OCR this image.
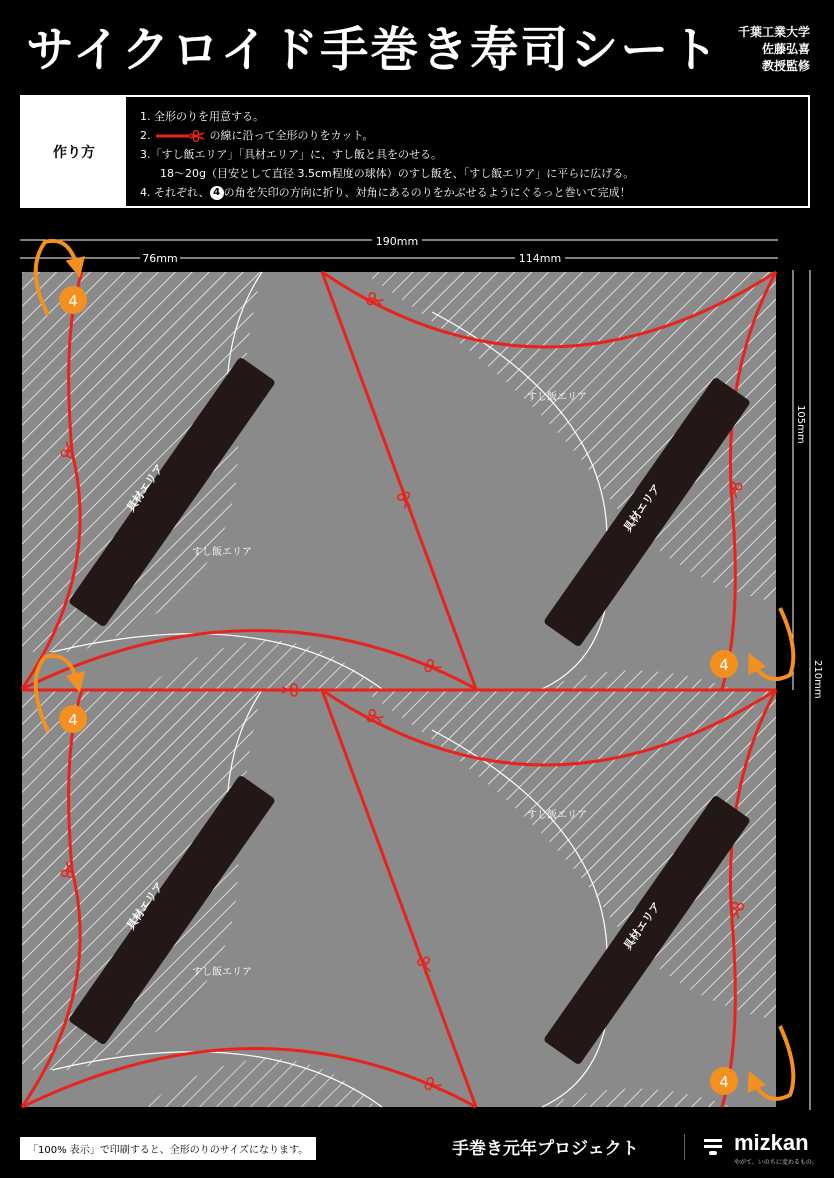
サイクロイド手巻き寿司シート 千葉工業大学
佐藤弘喜
教授監修
作り方
1. 全形のりを用意する。
2.	の線に沿って全形のりをカット。
3.「すし飯エリア」「具材エリア」に、すし飯と具をのせる。
18～20g（目安として直径 3.5cm程度の球体）のすし飯を、「すし飯エリア」に平らに広げる。
4. それぞれ、 4 の角を矢印の方向に折り、対角にあるのりをかぶせるようにぐるっと巻いて完成！
190mm
76mm	114mm
105mm
210mm
すし飯エリア
すし飯エリア
すし飯エリア
すし飯エリア
具材エリア	具材エリア
具材エリア	具材エリア
4
4
4
4
「100% 表示」で印刷すると、全形のりのサイズになります。	手巻き元年プロジェクト	mizkan
やがて、いのちに変わるもの。
